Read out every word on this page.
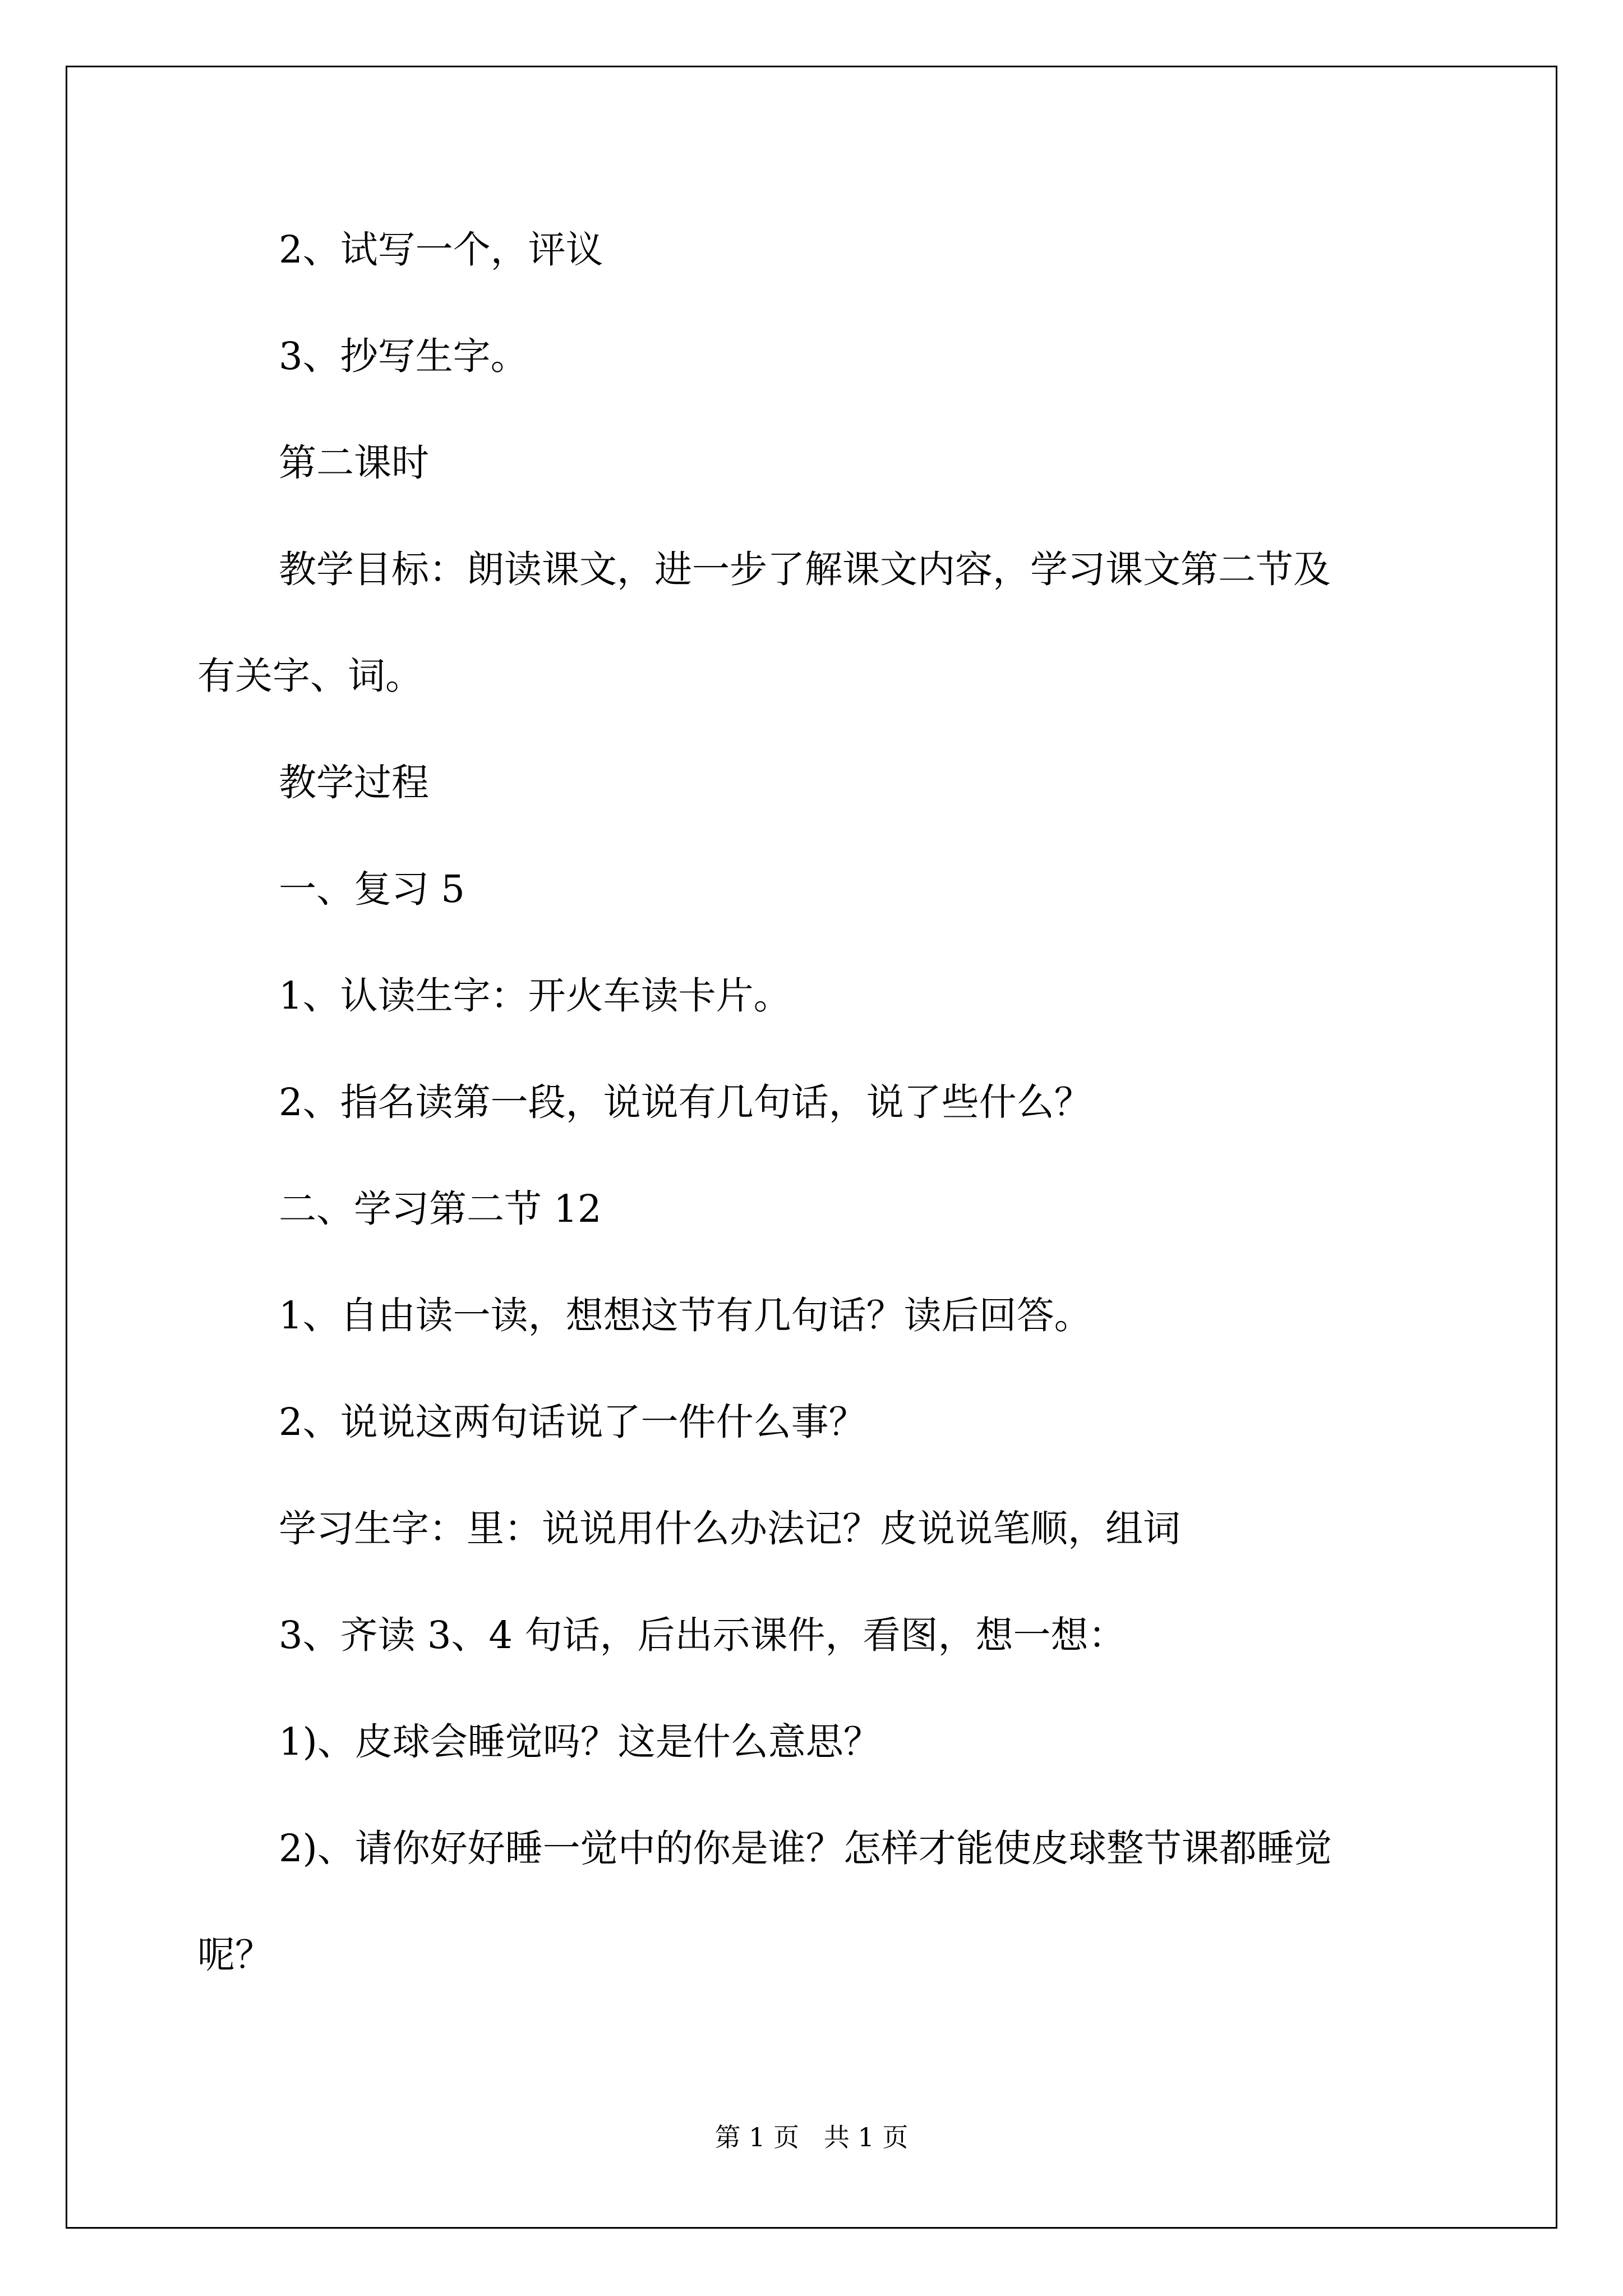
2、试写一个，评议
3、抄写生字。
第二课时
教学目标：朗读课文，进一步了解课文内容，学习课文第二节及
有关字、词。
教学过程
一、复习 5
1、认读生字：开火车读卡片。
2、指名读第一段，说说有几句话，说了些什么？
二、学习第二节 12
1、自由读一读，想想这节有几句话？读后回答。
2、说说这两句话说了一件什么事？
学习生字：里：说说用什么办法记？皮说说笔顺，组词
3、齐读 3、4 句话，后出示课件，看图，想一想：
1)、皮球会睡觉吗？这是什么意思？
2)、请你好好睡一觉中的你是谁？怎样才能使皮球整节课都睡觉
呢？
第 1 页   共 1 页
